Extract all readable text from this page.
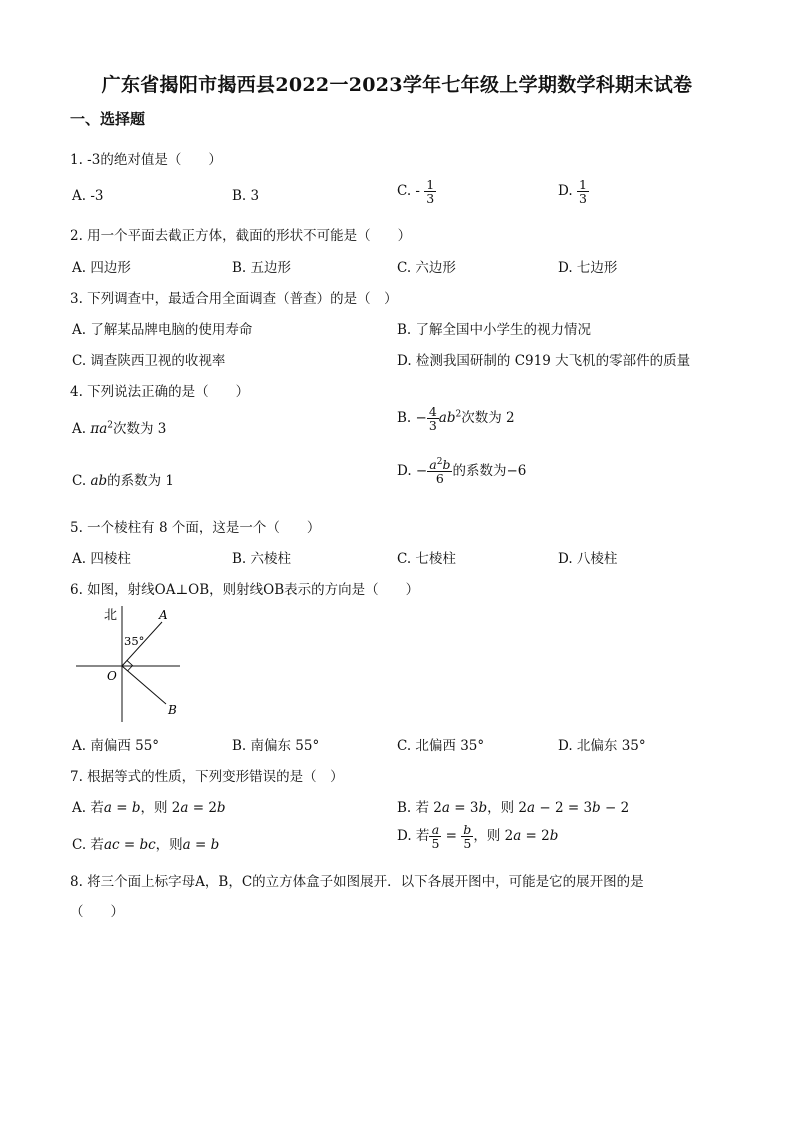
广东省揭阳市揭西县2022一2023学年七年级上学期数学科期末试卷
一、选择题
1. -3的绝对值是（　　）
A. -3	B. 3	C. - $\frac{1}{3}$	D. $\frac{1}{3}$
2. 用一个平面去截正方体，截面的形状不可能是（　　）
A. 四边形	B. 五边形	C. 六边形	D. 七边形
3. 下列调查中，最适合用全面调查（普查）的是（　）
A. 了解某品牌电脑的使用寿命	B. 了解全国中小学生的视力情况
C. 调查陕西卫视的收视率	D. 检测我国研制的 C919 大飞机的零部件的质量
4. 下列说法正确的是（　　）
A. $\pi a^2$次数为 3
B. − $\frac{4}{3} ab^2$次数为 2
C. ab的系数为 1
D. − $\frac{a^2b}{6}$ 的系数为−6
5. 一个棱柱有 8 个面，这是一个（　　）
A. 四棱柱	B. 六棱柱	C. 七棱柱	D. 八棱柱
6. 如图，射线OA⊥OB，则射线OB表示的方向是（　　）
北
35°
A
O
B
A. 南偏西 55°	B. 南偏东 55°	C. 北偏西 35°	D. 北偏东 35°
7. 根据等式的性质，下列变形错误的是（　）
A. 若a = b，则 2a = 2b	B. 若 2a = 3b，则 2a − 2 = 3b − 2
C. 若ac = bc，则a = b
D. 若 $\frac{a}{5} = \frac{b}{5}$ ，则 2a = 2b
8. 将三个面上标字母A，B，C的立方体盒子如图展开．以下各展开图中，可能是它的展开图的是
（　　）
